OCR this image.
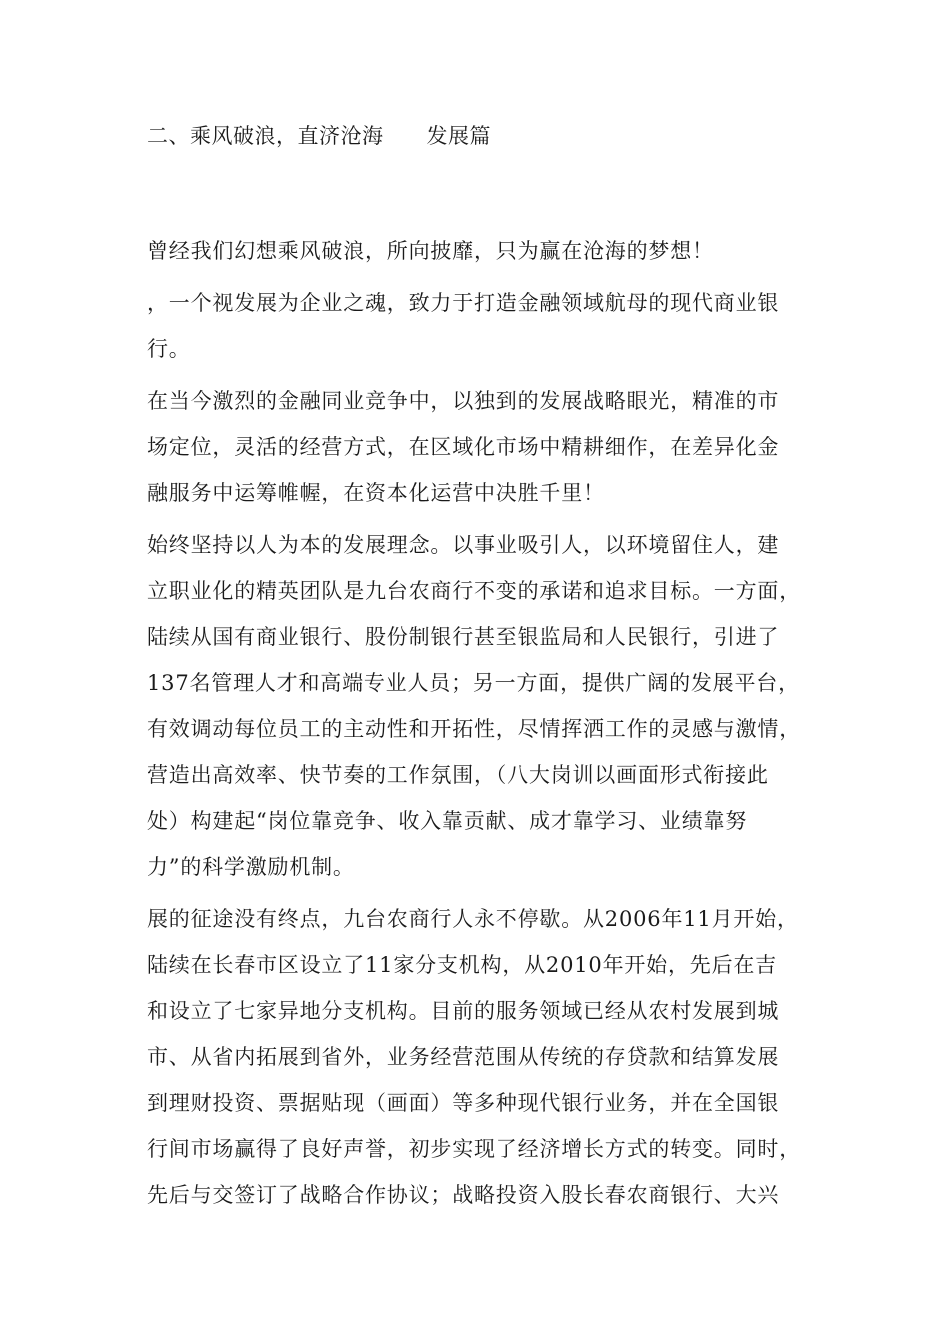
二、乘风破浪，直济沧海      发展篇
曾经我们幻想乘风破浪，所向披靡，只为赢在沧海的梦想！
，一个视发展为企业之魂，致力于打造金融领域航母的现代商业银
行。
在当今激烈的金融同业竞争中，以独到的发展战略眼光，精准的市
场定位，灵活的经营方式，在区域化市场中精耕细作，在差异化金
融服务中运筹帷幄，在资本化运营中决胜千里！
始终坚持以人为本的发展理念。以事业吸引人，以环境留住人，建
立职业化的精英团队是九台农商行不变的承诺和追求目标。一方面，
陆续从国有商业银行、股份制银行甚至银监局和人民银行，引进了
137名管理人才和高端专业人员；另一方面，提供广阔的发展平台，
有效调动每位员工的主动性和开拓性，尽情挥洒工作的灵感与激情，
营造出高效率、快节奏的工作氛围，（八大岗训以画面形式衔接此
处）构建起“岗位靠竞争、收入靠贡献、成才靠学习、业绩靠努
力”的科学激励机制。
展的征途没有终点，九台农商行人永不停歇。从2006年11月开始，
陆续在长春市区设立了11家分支机构，从2010年开始，先后在吉
和设立了七家异地分支机构。目前的服务领域已经从农村发展到城
市、从省内拓展到省外，业务经营范围从传统的存贷款和结算发展
到理财投资、票据贴现（画面）等多种现代银行业务，并在全国银
行间市场赢得了良好声誉，初步实现了经济增长方式的转变。同时，
先后与交签订了战略合作协议；战略投资入股长春农商银行、大兴
